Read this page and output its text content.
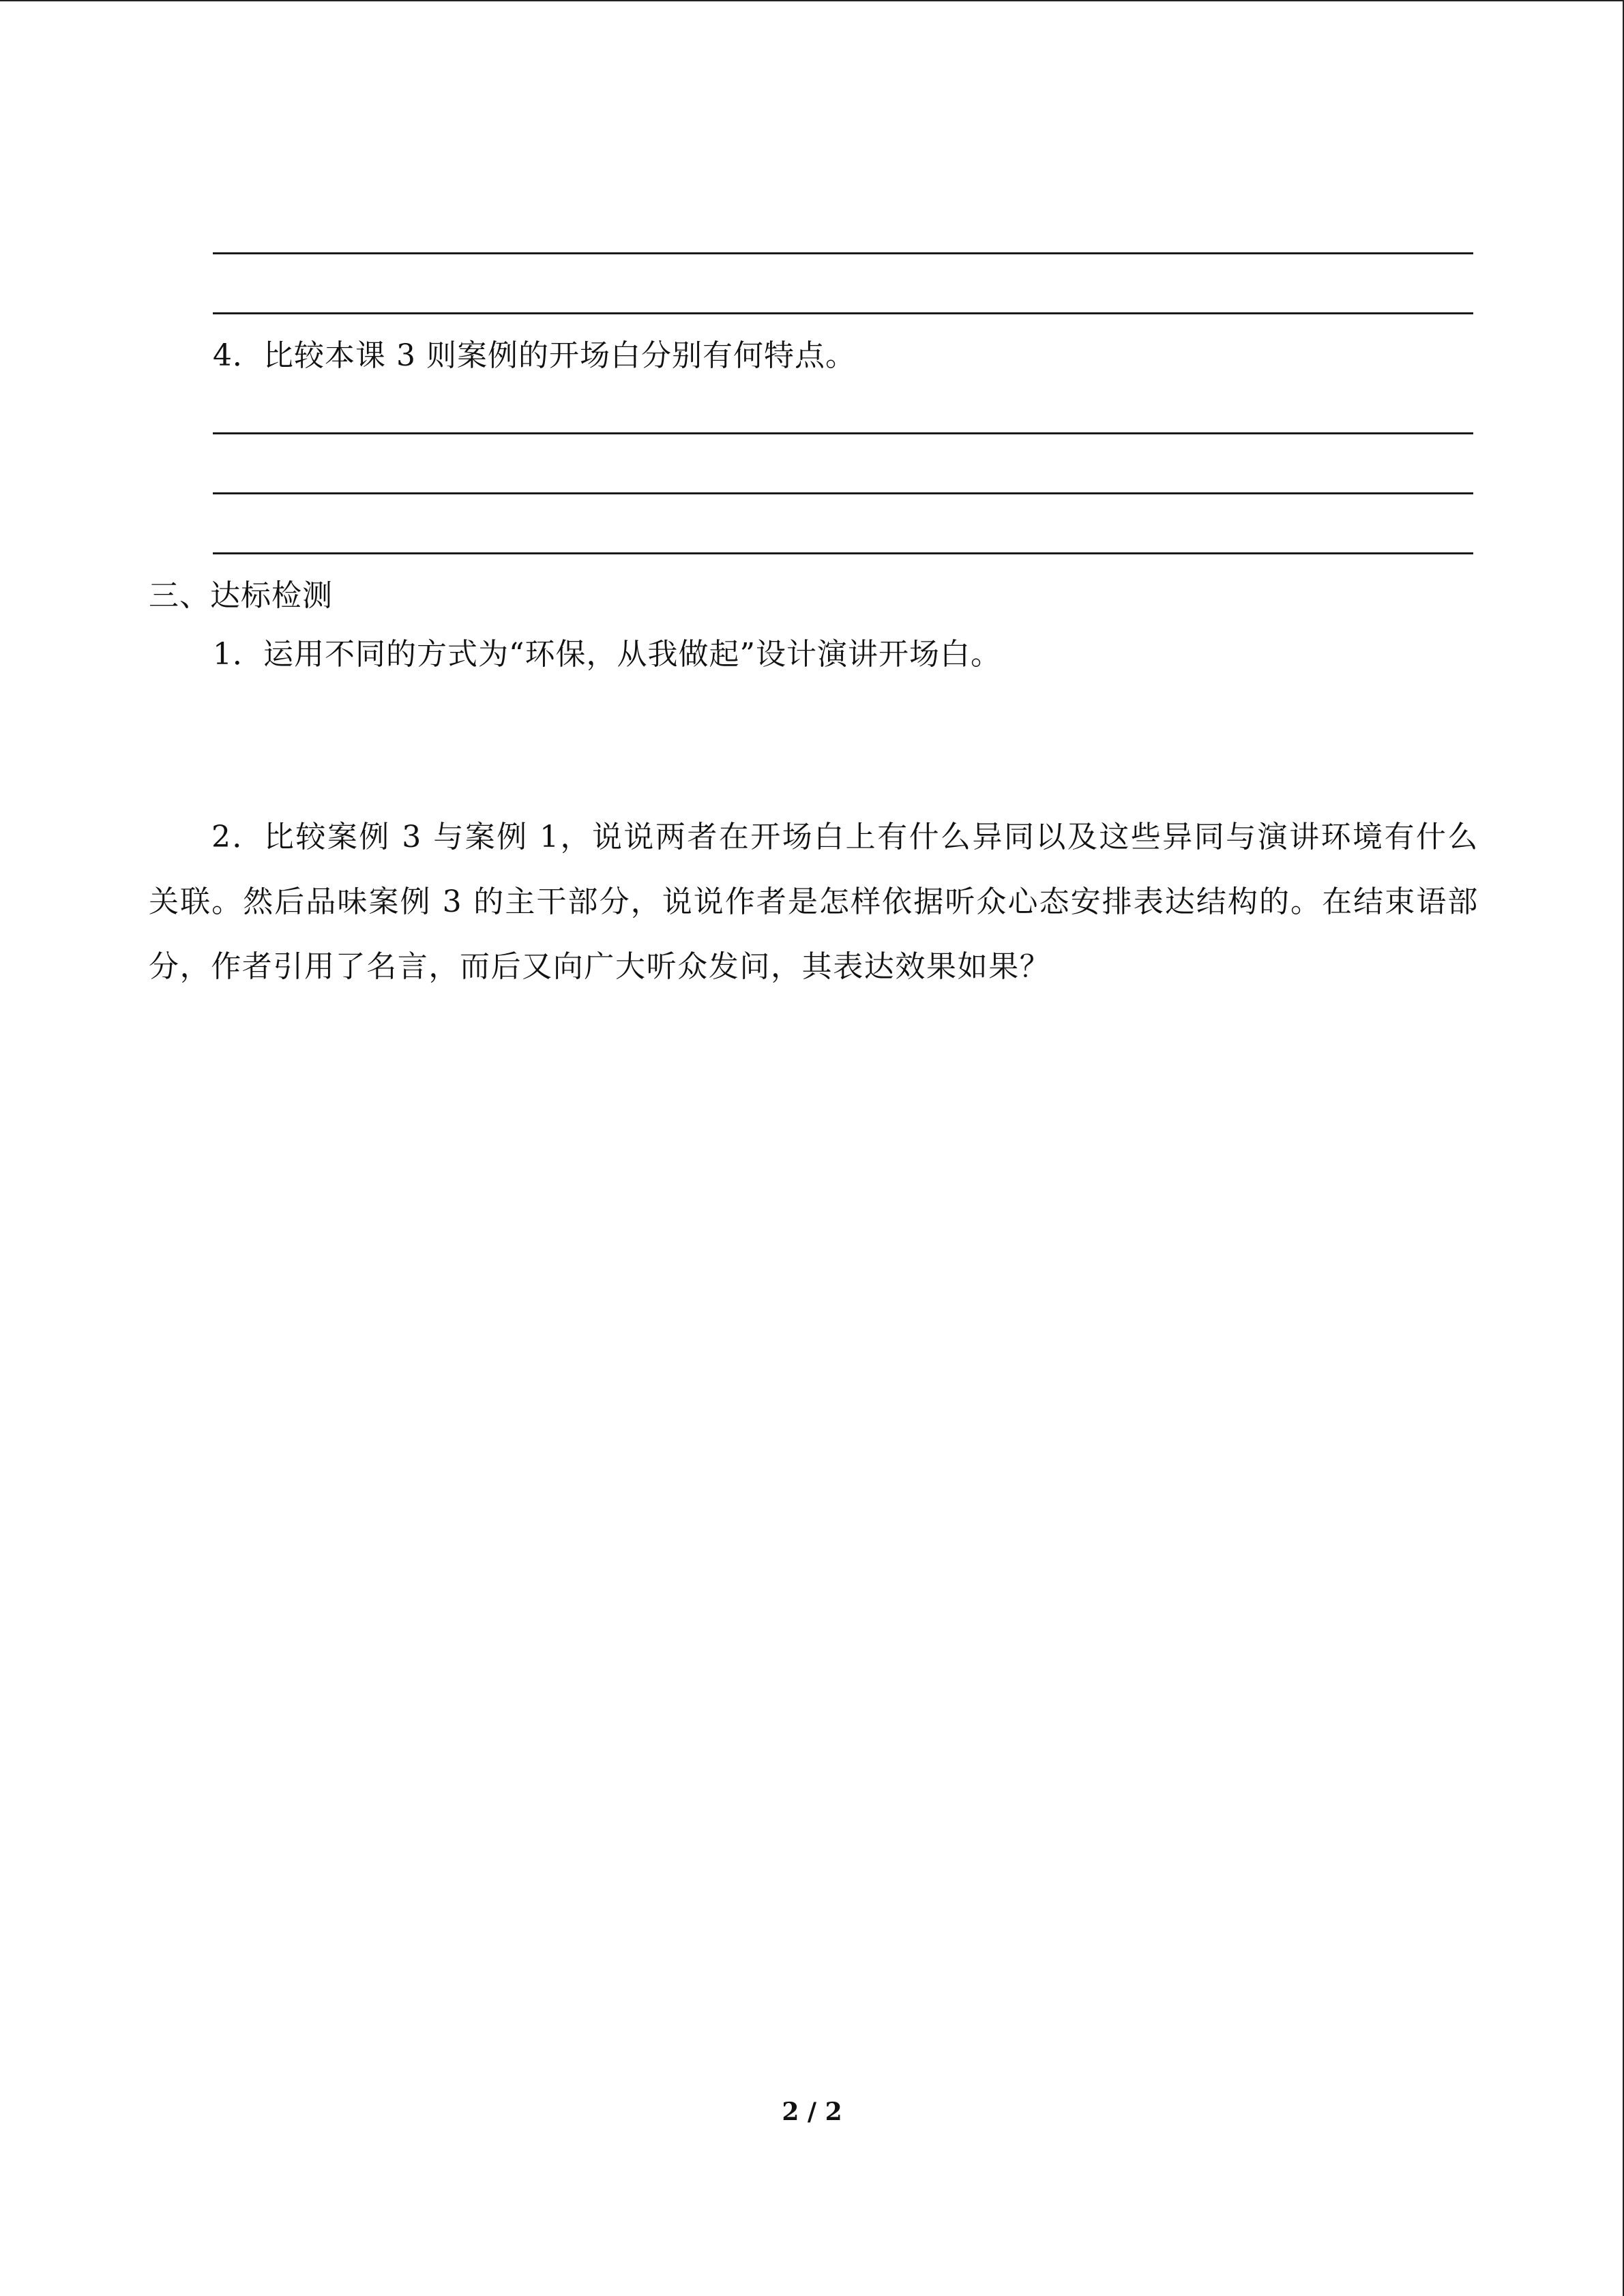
4．比较本课 3 则案例的开场白分别有何特点。
三、达标检测
1．运用不同的方式为“环保，从我做起”设计演讲开场白。
2．比较案例 3 与案例 1，说说两者在开场白上有什么异同以及这些异同与演讲环境有什么关联。然后品味案例 3 的主干部分，说说作者是怎样依据听众心态安排表达结构的。在结束语部分，作者引用了名言，而后又向广大听众发问，其表达效果如果？
2 / 2
